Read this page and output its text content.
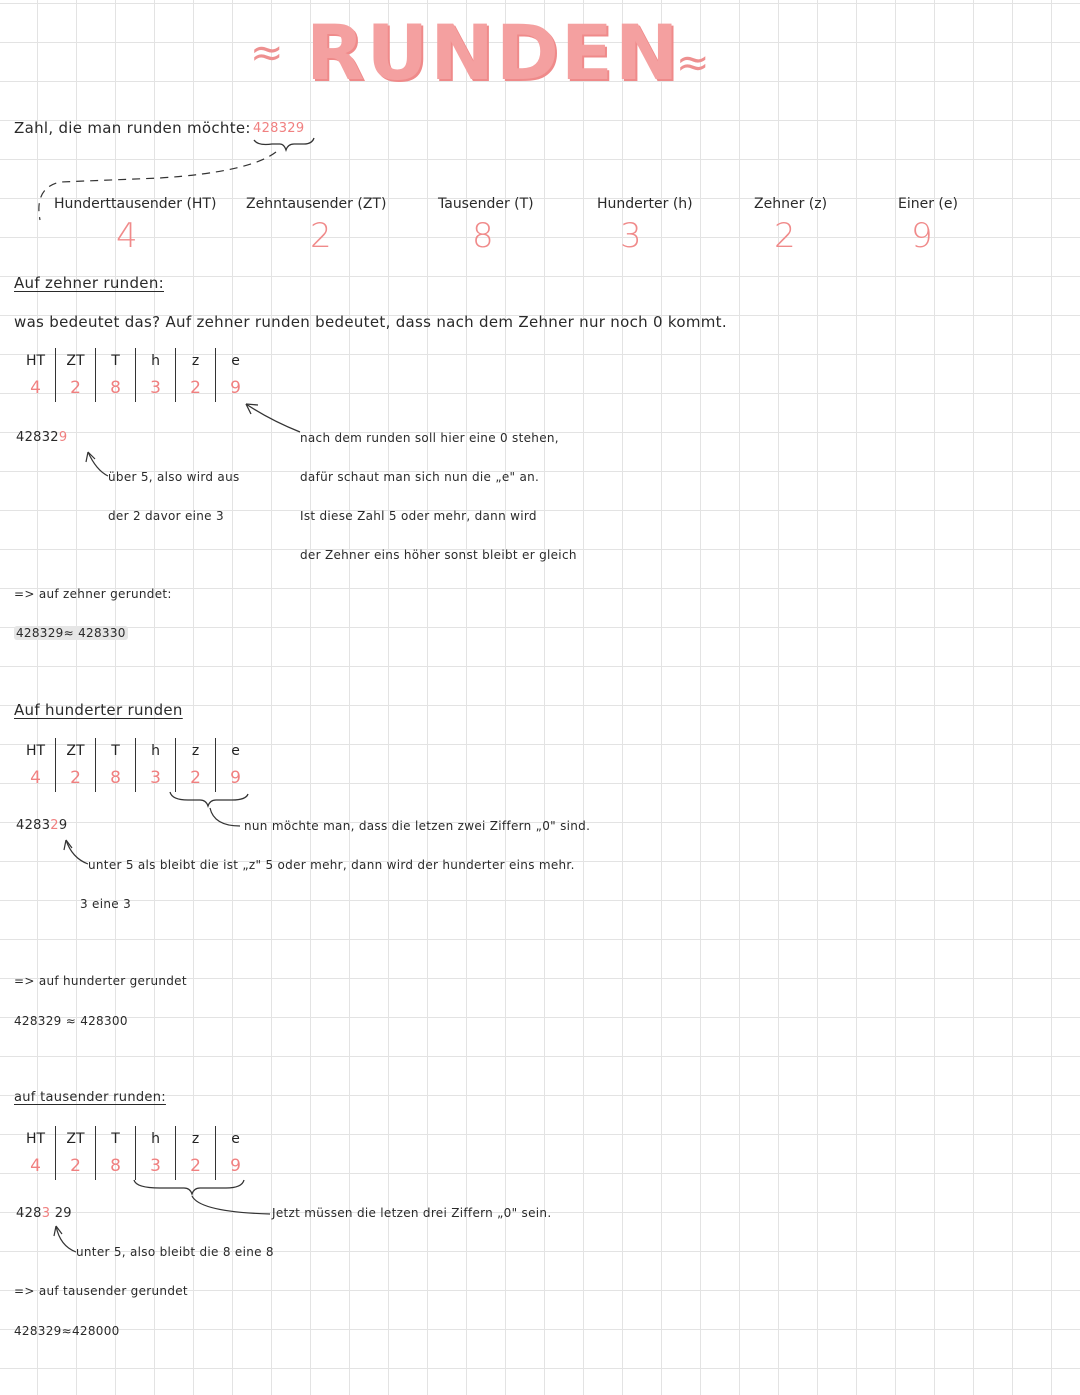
≈ RUNDEN
≈
Zahl, die man runden möchte: 428329
Hunderttausender (HT)
4
Zehntausender (ZT)
2
Tausender (T)
8
Hunderter (h)
3
Zehner (z)
2
Einer (e)
9
Auf zehner runden:
was bedeutet das? Auf zehner runden bedeutet, dass nach dem Zehner nur noch 0 kommt.
HT
4
ZT
2
T
8
h
3
z
2
e
9
428329
über 5, also wird aus
der 2 davor eine 3
nach dem runden soll hier eine 0 stehen,
dafür schaut man sich nun die „e" an.
Ist diese Zahl 5 oder mehr, dann wird
der Zehner eins höher sonst bleibt er gleich
=> auf zehner gerundet:
428329≈ 428330
Auf hunderter runden
HT
4
ZT
2
T
8
h
3
z
2
e
9
428329	nun möchte man, dass die letzen zwei Ziffern „0" sind.
unter 5 als bleibt die ist „z" 5 oder mehr, dann wird der hunderter eins mehr.
3 eine 3
=> auf hunderter gerundet
428329 ≈ 428300
auf tausender runden:
HT
4
ZT
2
T
8
h
3
z
2
e
9
4283 29	Jetzt müssen die letzen drei Ziffern „0" sein.
unter 5, also bleibt die 8 eine 8
=> auf tausender gerundet
428329≈428000
